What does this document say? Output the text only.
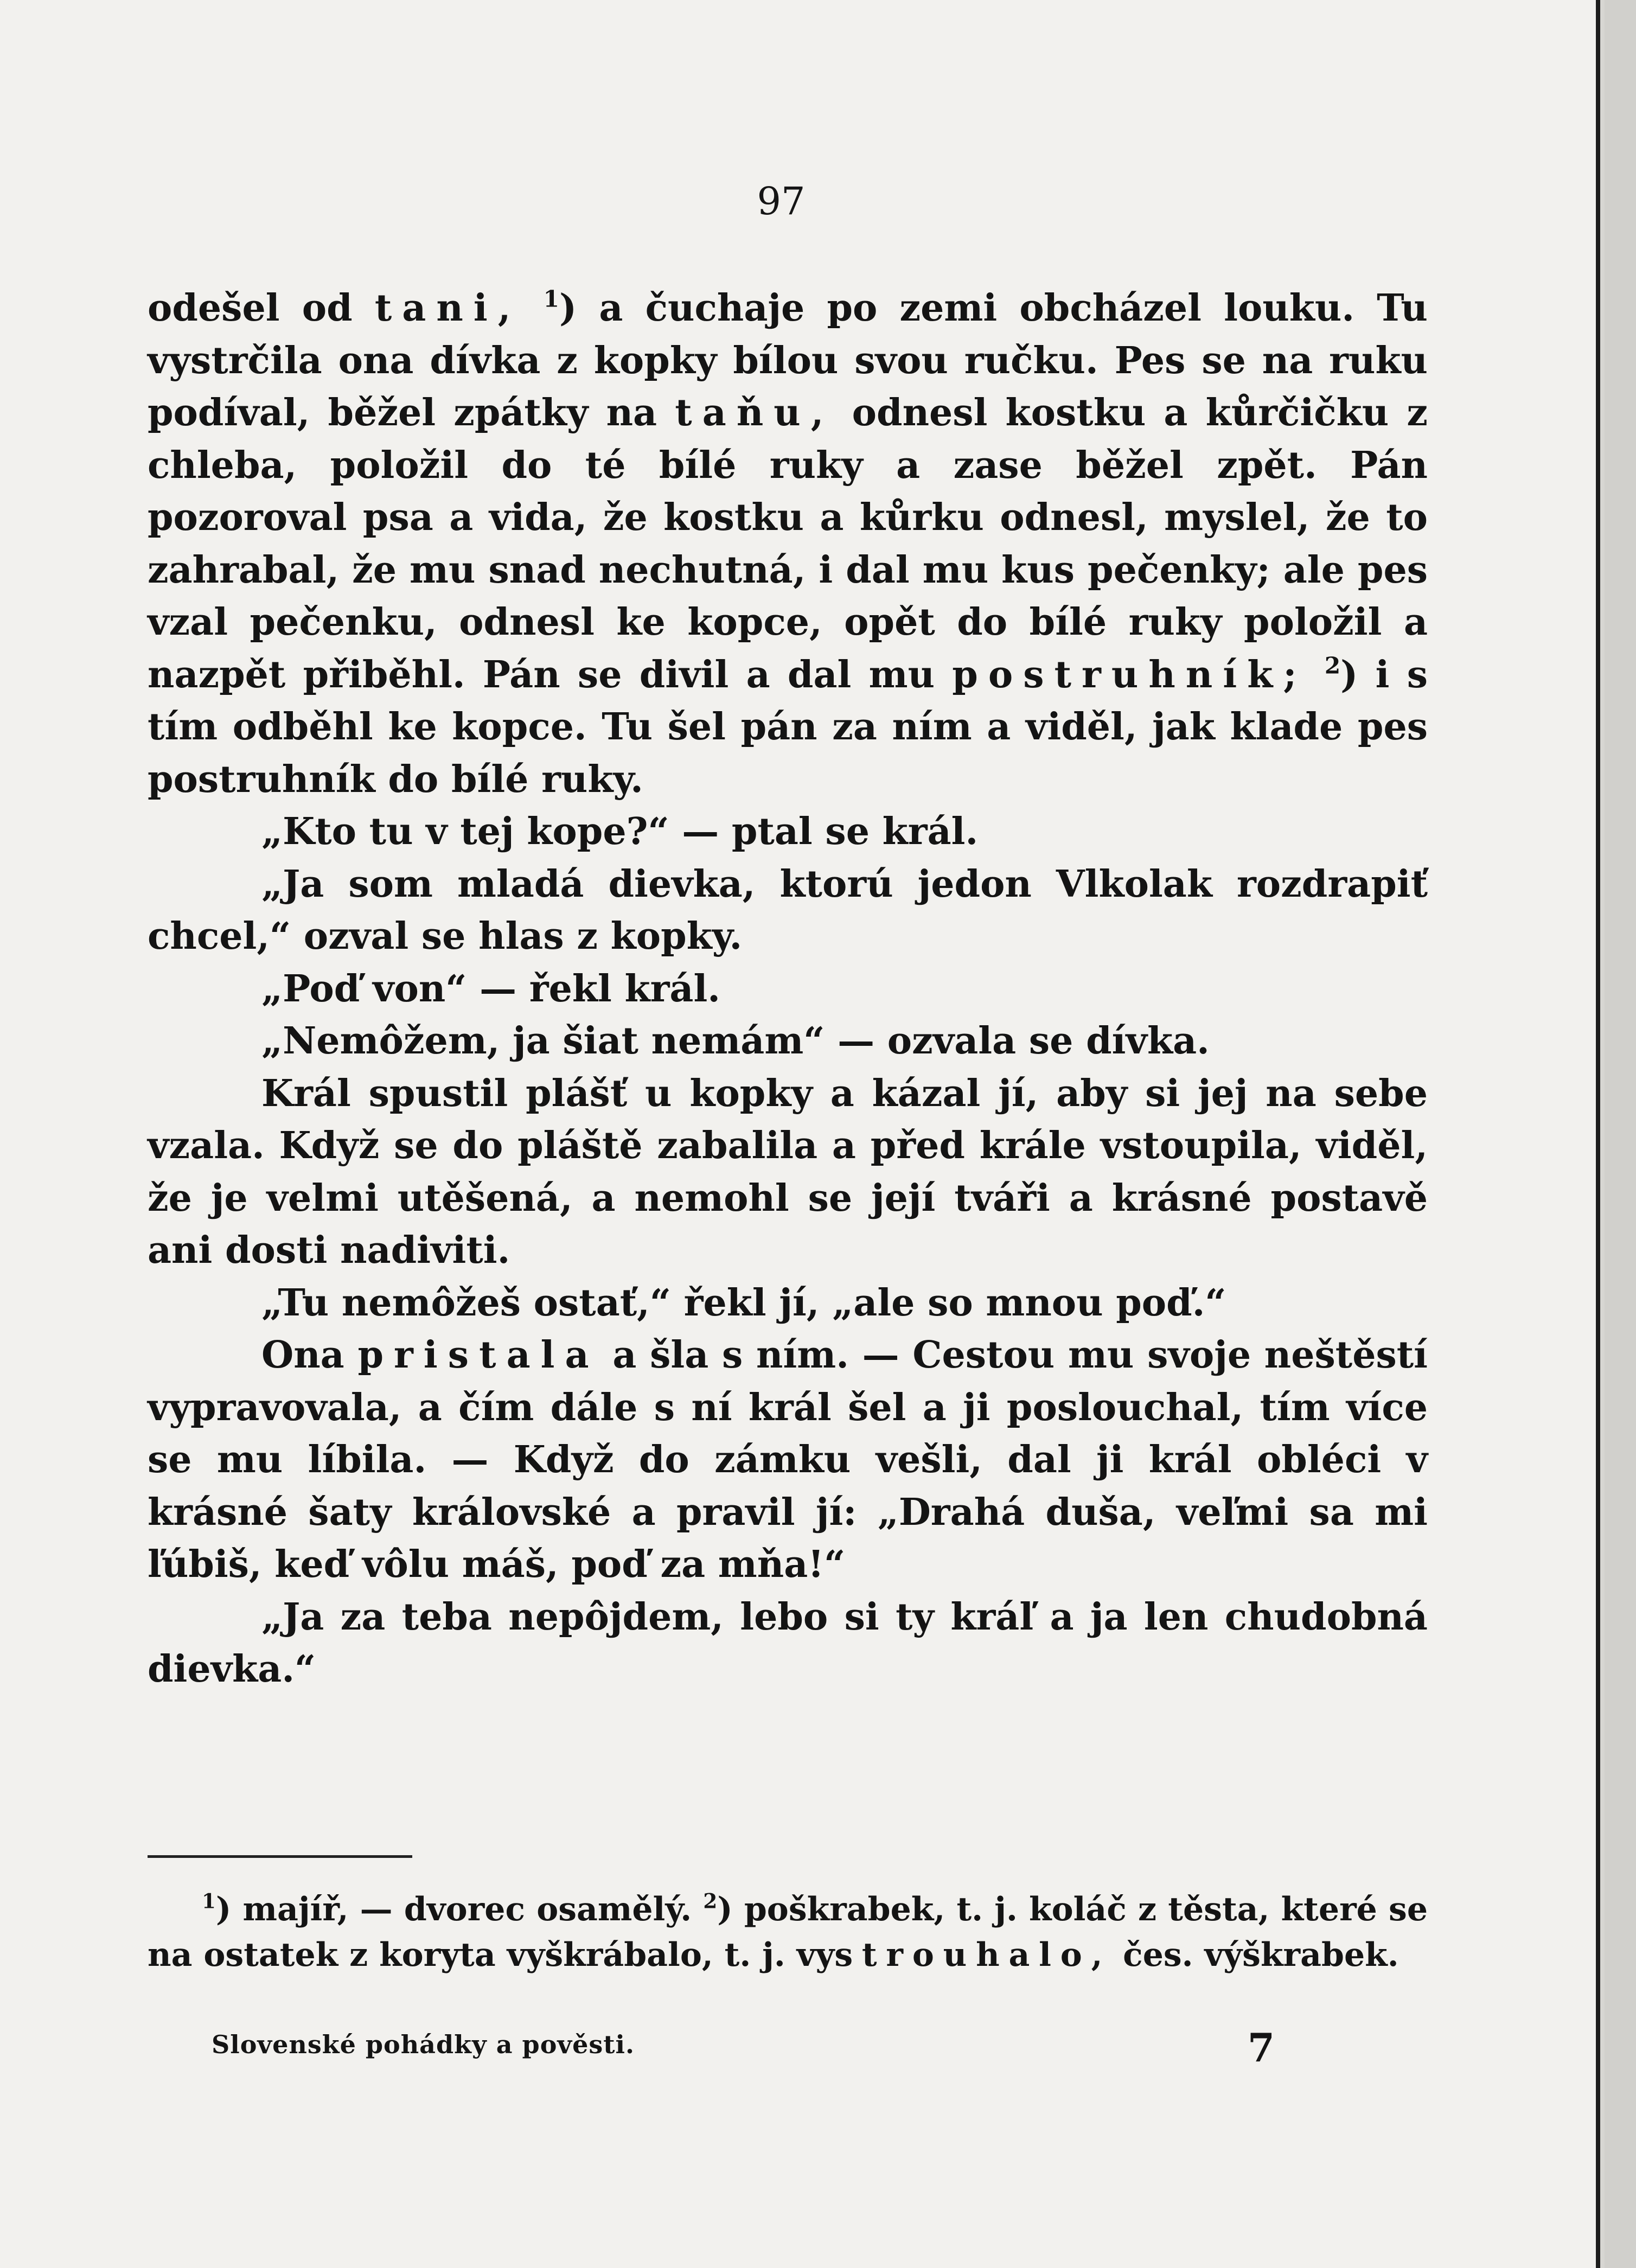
97
odešel od tani, $^1$) a čuchaje po zemi obcházel louku. Tu vystrčila ona dívka z kopky bílou svou ručku. Pes se na ruku podíval, běžel zpátky na taňu, odnesl kostku a kůrčičku z chleba, položil do té bílé ruky a zase běžel zpět. Pán pozoroval psa a vida, že kostku a kůrku odnesl, myslel, že to zahrabal, že mu snad nechutná, i dal mu kus pečenky; ale pes vzal pečenku, odnesl ke kopce, opět do bílé ruky položil a nazpět přiběhl. Pán se divil a dal mu postruhník; $^2$) i s tím odběhl ke kopce. Tu šel pán za ním a viděl, jak klade pes postruhník do bílé ruky.
„Kto tu v tej kope?“ — ptal se král.
„Ja som mladá dievka, ktorú jedon Vlkolak rozdrapiť chcel,“ ozval se hlas z kopky.
„Poď von“ — řekl král.
„Nemôžem, ja šiat nemám“ — ozvala se dívka.
Král spustil plášť u kopky a kázal jí, aby si jej na sebe vzala. Když se do pláště zabalila a před krále vstoupila, viděl, že je velmi utěšená, a nemohl se její tváři a krásné postavě ani dosti nadiviti.
„Tu nemôžeš ostať,“ řekl jí, „ale so mnou poď.“
Ona pristala a šla s ním. — Cestou mu svoje neštěstí vypravovala, a čím dále s ní král šel a ji poslouchal, tím více se mu líbila. — Když do zámku vešli, dal ji král obléci v krásné šaty královské a pravil jí: „Drahá duša, veľmi sa mi ľúbiš, keď vôlu máš, poď za mňa!“
„Ja za teba nepôjdem, lebo si ty kráľ a ja len chudobná dievka.“
$^1$) majíř, — dvorec osamělý. $^2$) poškrabek, t. j. koláč z těsta, které se na ostatek z koryta vyškrábalo, t. j. vystrouhalo, čes. výškrabek.
Slovenské pohádky a pověsti.	7
